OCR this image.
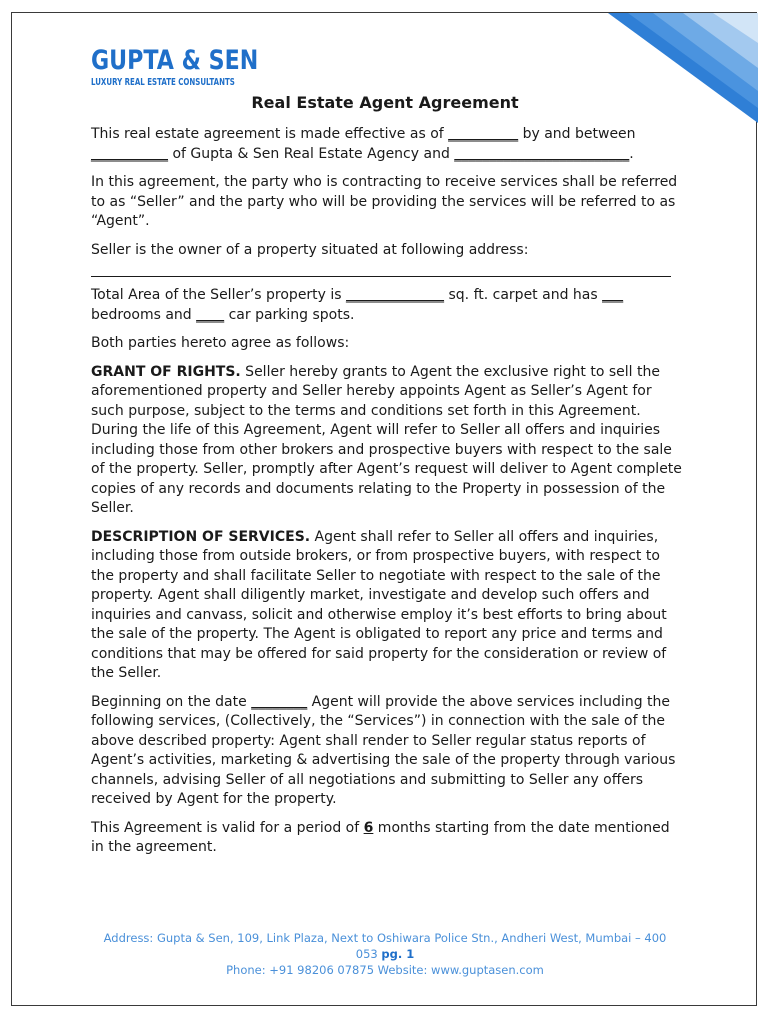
GUPTA & SEN
LUXURY REAL ESTATE CONSULTANTS
Real Estate Agent Agreement

This real estate agreement is made effective as of __________ by and between ___________ of Gupta & Sen Real Estate Agency and _________________________.

In this agreement, the party who is contracting to receive services shall be referred to as “Seller” and the party who will be providing the services will be referred to as “Agent”.

Seller is the owner of a property situated at following address:

Total Area of the Seller’s property is ______________ sq. ft. carpet and has ___ bedrooms and ____ car parking spots.

Both parties hereto agree as follows:

GRANT OF RIGHTS. Seller hereby grants to Agent the exclusive right to sell the aforementioned property and Seller hereby appoints Agent as Seller’s Agent for such purpose, subject to the terms and conditions set forth in this Agreement. During the life of this Agreement, Agent will refer to Seller all offers and inquiries including those from other brokers and prospective buyers with respect to the sale of the property. Seller, promptly after Agent’s request will deliver to Agent complete copies of any records and documents relating to the Property in possession of the Seller.

DESCRIPTION OF SERVICES. Agent shall refer to Seller all offers and inquiries, including those from outside brokers, or from prospective buyers, with respect to the property and shall facilitate Seller to negotiate with respect to the sale of the property. Agent shall diligently market, investigate and develop such offers and inquiries and canvass, solicit and otherwise employ it’s best efforts to bring about the sale of the property. The Agent is obligated to report any price and terms and conditions that may be offered for said property for the consideration or review of the Seller.

Beginning on the date ________ Agent will provide the above services including the following services, (Collectively, the “Services”) in connection with the sale of the above described property: Agent shall render to Seller regular status reports of Agent’s activities, marketing & advertising the sale of the property through various channels, advising Seller of all negotiations and submitting to Seller any offers received by Agent for the property.

This Agreement is valid for a period of 6 months starting from the date mentioned in the agreement.

Address: Gupta & Sen, 109, Link Plaza, Next to Oshiwara Police Stn., Andheri West, Mumbai – 400 053 pg. 1
Phone: +91 98206 07875 Website: www.guptasen.com
